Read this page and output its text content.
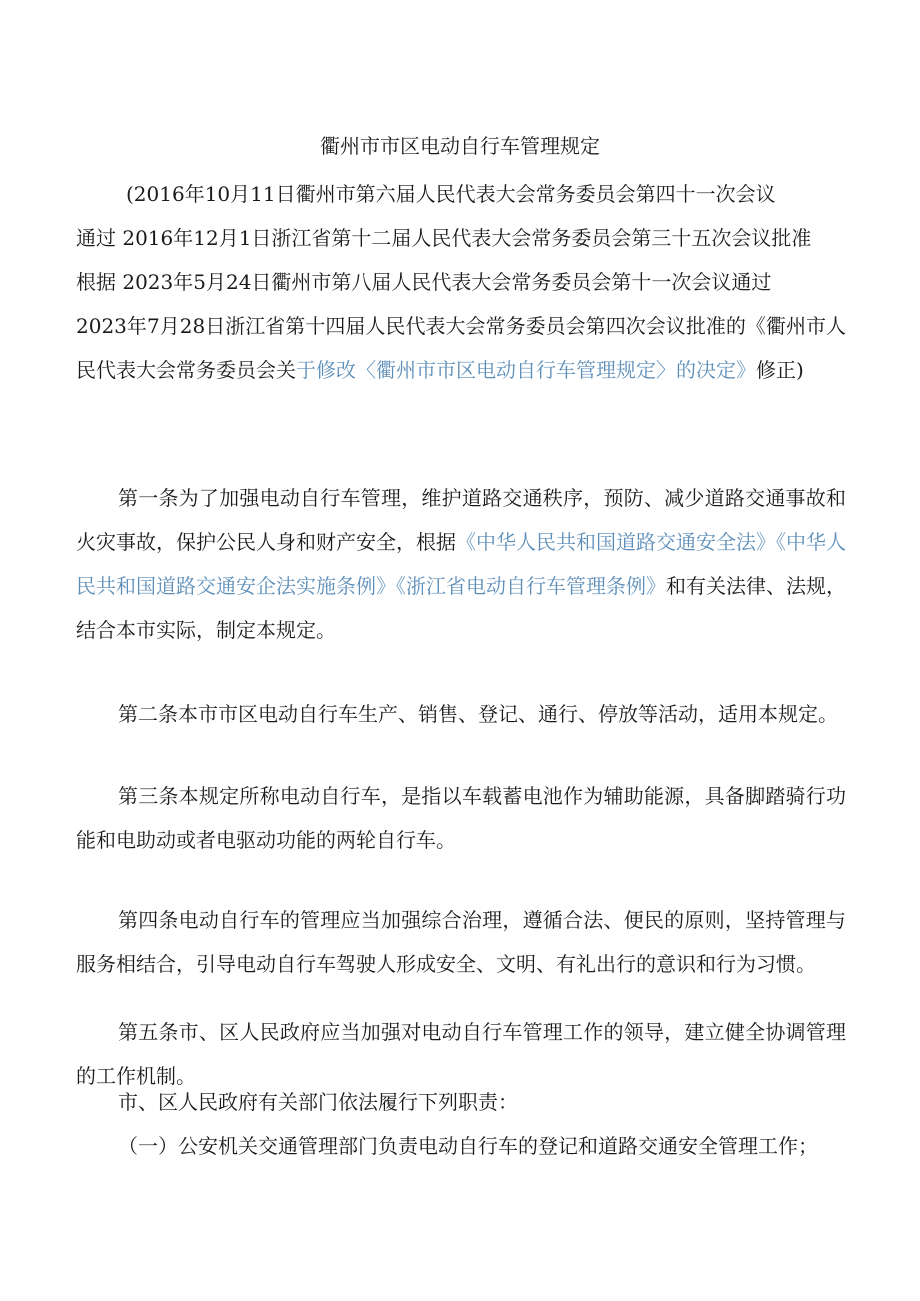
衢州市市区电动自行车管理规定
(2016年10月11日衢州市第六届人民代表大会常务委员会第四十一次会议
通过 2016年12月1日浙江省第十二届人民代表大会常务委员会第三十五次会议批准
根据 2023年5月24日衢州市第八届人民代表大会常务委员会第十一次会议通过
2023年7月28日浙江省第十四届人民代表大会常务委员会第四次会议批准的《衢州市人民代表大会常务委员会关于修改〈衢州市市区电动自行车管理规定〉的决定》修正)
第一条为了加强电动自行车管理，维护道路交通秩序，预防、减少道路交通事故和火灾事故，保护公民人身和财产安全，根据《中华人民共和国道路交通安全法》《中华人民共和国道路交通安企法实施条例》《浙江省电动自行车管理条例》和有关法律、法规，结合本市实际，制定本规定。
第二条本市市区电动自行车生产、销售、登记、通行、停放等活动，适用本规定。
第三条本规定所称电动自行车，是指以车载蓄电池作为辅助能源，具备脚踏骑行功能和电助动或者电驱动功能的两轮自行车。
第四条电动自行车的管理应当加强综合治理，遵循合法、便民的原则，坚持管理与服务相结合，引导电动自行车驾驶人形成安全、文明、有礼出行的意识和行为习惯。
第五条市、区人民政府应当加强对电动自行车管理工作的领导，建立健全协调管理的工作机制。
市、区人民政府有关部门依法履行下列职责：
（一）公安机关交通管理部门负责电动自行车的登记和道路交通安全管理工作；
